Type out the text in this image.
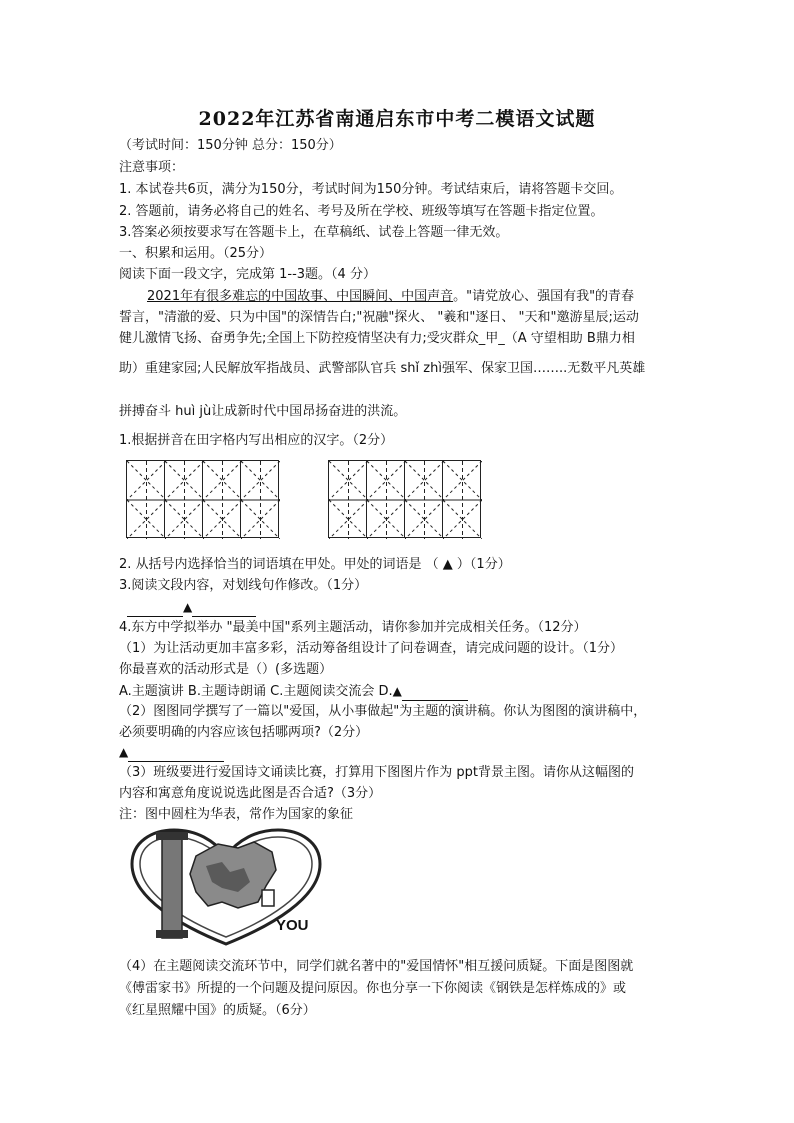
2022年江苏省南通启东市中考二模语文试题
（考试时间：150分钟 总分：150分）
注意事项：
1. 本试卷共6页，满分为150分，考试时间为150分钟。考试结束后，请将答题卡交回。
2. 答题前，请务必将自己的姓名、考号及所在学校、班级等填写在答题卡指定位置。
3.答案必须按要求写在答题卡上，在草稿纸、试卷上答题一律无效。
一、积累和运用。（25分）
阅读下面一段文字，完成第 1--3题。（4 分）
2021年有很多难忘的中国故事、中国瞬间、中国声音。"请党放心、强国有我"的青春
誓言，"清澈的爱、只为中国"的深情告白;"祝融"探火、 "羲和"逐日、 "天和"邀游星辰;运动
健儿激情飞扬、奋勇争先;全国上下防控疫情坚决有力;受灾群众_甲_（A 守望相助 B鼎力相
助）重建家园;人民解放军指战员、武警部队官兵 shǐ zhì强军、保家卫国……..无数平凡英雄
拼搏奋斗 huì jù让成新时代中国昂扬奋进的洪流。
1.根据拼音在田字格内写出相应的汉字。（2分）
2. 从括号内选择恰当的词语填在甲处。甲处的词语是 （ ▲ ）（1分）
3.阅读文段内容，对划线句作修改。（1分）
▲
4.东方中学拟举办 "最美中国"系列主题活动，请你参加并完成相关任务。（12分）
（1）为让活动更加丰富多彩，活动筹备组设计了问卷调查，请完成问题的设计。（1分）
你最喜欢的活动形式是（）(多选题）
A.主题演讲 B.主题诗朗诵 C.主题阅读交流会 D.▲
（2）图图同学撰写了一篇以"爱国，从小事做起"为主题的演讲稿。你认为图图的演讲稿中，
必须要明确的内容应该包括哪两项?（2分）
▲
（3）班级要进行爱国诗文诵读比赛，打算用下图图片作为 ppt背景主图。请你从这幅图的
内容和寓意角度说说选此图是否合适?（3分）
注：图中圆柱为华表，常作为国家的象征
YOU
（4）在主题阅读交流环节中，同学们就名著中的"爱国情怀"相互援问质疑。下面是图图就
《傅雷家书》所提的一个问题及提问原因。你也分享一下你阅读《钢铁是怎样炼成的》或
《红星照耀中国》的质疑。（6分）
